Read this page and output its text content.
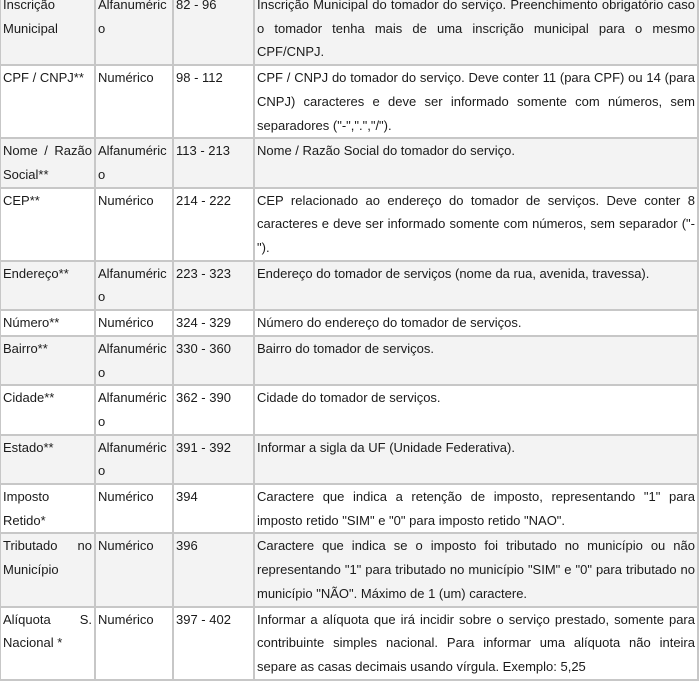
Inscrição Municipal	Alfanumérico	82 - 96	Inscrição Municipal do tomador do serviço. Preenchimento obrigatório caso o tomador tenha mais de uma inscrição municipal para o mesmo CPF/CNPJ.
CPF / CNPJ**	Numérico	98 - 112	CPF / CNPJ do tomador do serviço. Deve conter 11 (para CPF) ou 14 (para CNPJ) caracteres e deve ser informado somente com números, sem separadores ("-",".","/").
Nome / Razão Social**	Alfanumérico	113 - 213	Nome / Razão Social do tomador do serviço.
CEP**	Numérico	214 - 222	CEP relacionado ao endereço do tomador de serviços. Deve conter 8 caracteres e deve ser informado somente com números, sem separador ("-").
Endereço**	Alfanumérico	223 - 323	Endereço do tomador de serviços (nome da rua, avenida, travessa).
Número**	Numérico	324 - 329	Número do endereço do tomador de serviços.
Bairro**	Alfanumérico	330 - 360	Bairro do tomador de serviços.
Cidade**	Alfanumérico	362 - 390	Cidade do tomador de serviços.
Estado**	Alfanumérico	391 - 392	Informar a sigla da UF (Unidade Federativa).
Imposto Retido*	Numérico	394	Caractere que indica a retenção de imposto, representando "1" para imposto retido "SIM" e "0" para imposto retido "NAO".
Tributado no Município	Numérico	396	Caractere que indica se o imposto foi tributado no município ou não representando "1" para tributado no município "SIM" e "0" para tributado no município "NÃO". Máximo de 1 (um) caractere.
Alíquota S. Nacional *	Numérico	397 - 402	Informar a alíquota que irá incidir sobre o serviço prestado, somente para contribuinte simples nacional. Para informar uma alíquota não inteira separe as casas decimais usando vírgula. Exemplo: 5,25
